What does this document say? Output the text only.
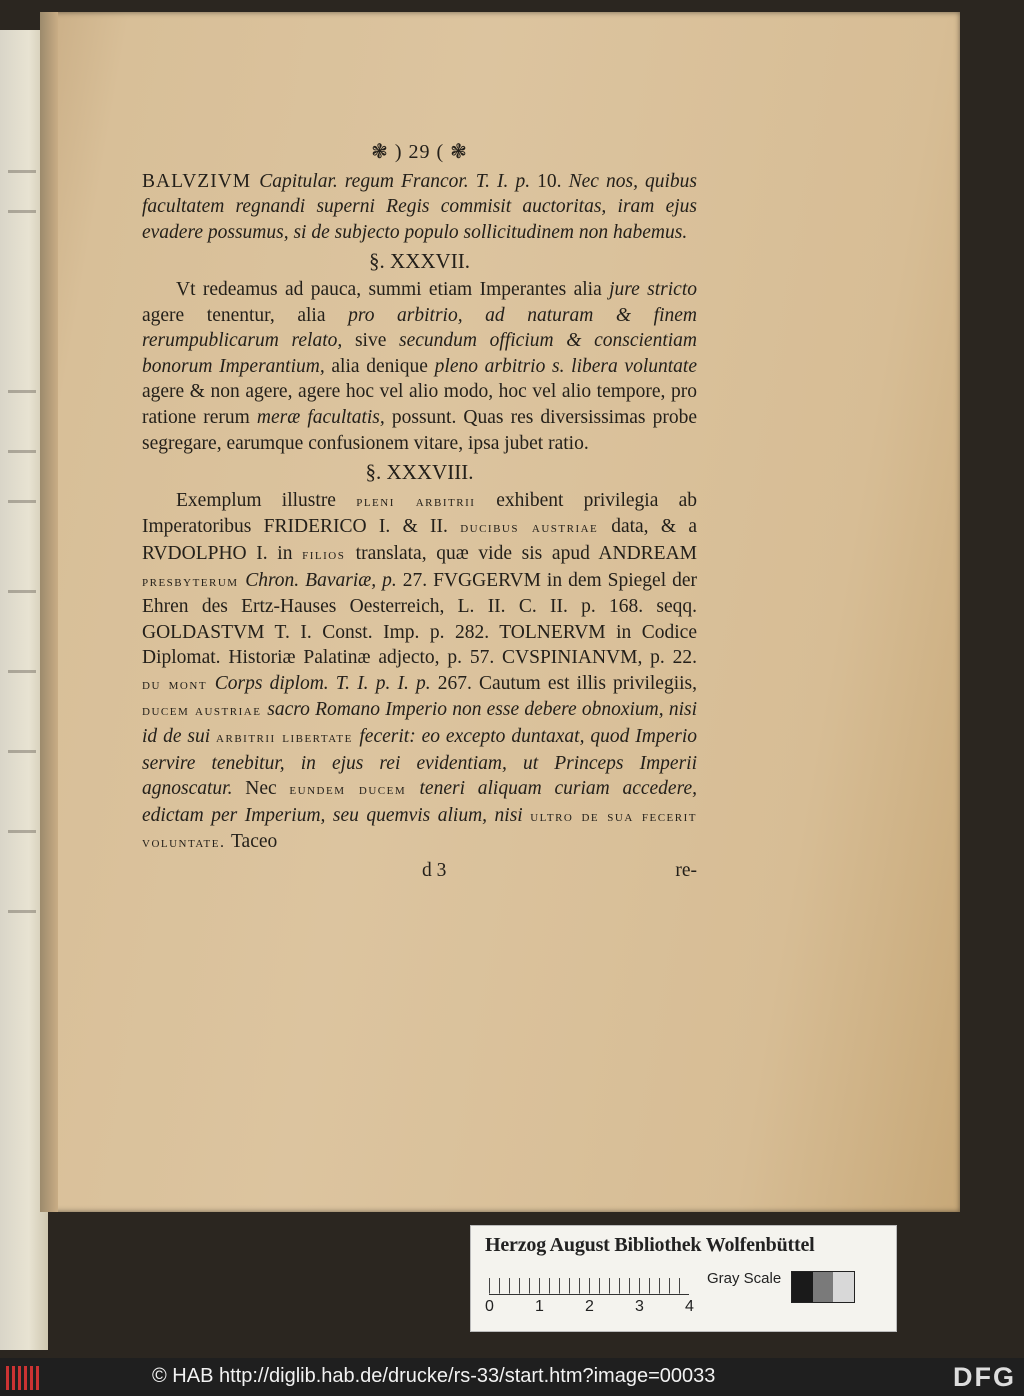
❃ ) 29 ( ❃

BALVZIVM Capitular. regum Francor. T. I. p. 10. Nec nos, quibus facultatem regnandi superni Regis commisit auctoritas, iram ejus evadere possumus, si de subjecto populo sollicitudinem non habemus.

§. XXXVII.

Vt redeamus ad pauca, summi etiam Imperantes alia jure stricto agere tenentur, alia pro arbitrio, ad naturam & finem rerumpublicarum relato, sive secundum officium & conscientiam bonorum Imperantium, alia denique pleno arbitrio s. libera voluntate agere & non agere, agere hoc vel alio modo, hoc vel alio tempore, pro ratione rerum meræ facultatis, possunt. Quas res diversissimas probe segregare, earumque confusionem vitare, ipsa jubet ratio.

§. XXXVIII.

Exemplum illustre pleni arbitrii exhibent privilegia ab Imperatoribus FRIDERICO I. & II. ducibus austriae data, & a RVDOLPHO I. in filios translata, quæ vide sis apud ANDREAM presbyterum Chron. Bavariæ, p. 27. FVGGERVM in dem Spiegel der Ehren des Ertz-Hauses Oesterreich, L. II. C. II. p. 168. seqq. GOLDASTVM T. I. Const. Imp. p. 282. TOLNERVM in Codice Diplomat. Historiæ Palatinæ adjecto, p. 57. CVSPINIANVM, p. 22. du mont Corps diplom. T. I. p. I. p. 267. Cautum est illis privilegiis, ducem austriae sacro Romano Imperio non esse debere obnoxium, nisi id de sui arbitrii libertate fecerit: eo excepto duntaxat, quod Imperio servire tenebitur, in ejus rei evidentiam, ut Princeps Imperii agnoscatur. Nec eundem ducem teneri aliquam curiam accedere, edictam per Imperium, seu quemvis alium, nisi ultro de sua fecerit voluntate. Taceo

d 3	re-
Herzog August Bibliothek Wolfenbüttel
0	1	2	3	4
Gray Scale
© HAB http://diglib.hab.de/drucke/rs-33/start.htm?image=00033	DFG
